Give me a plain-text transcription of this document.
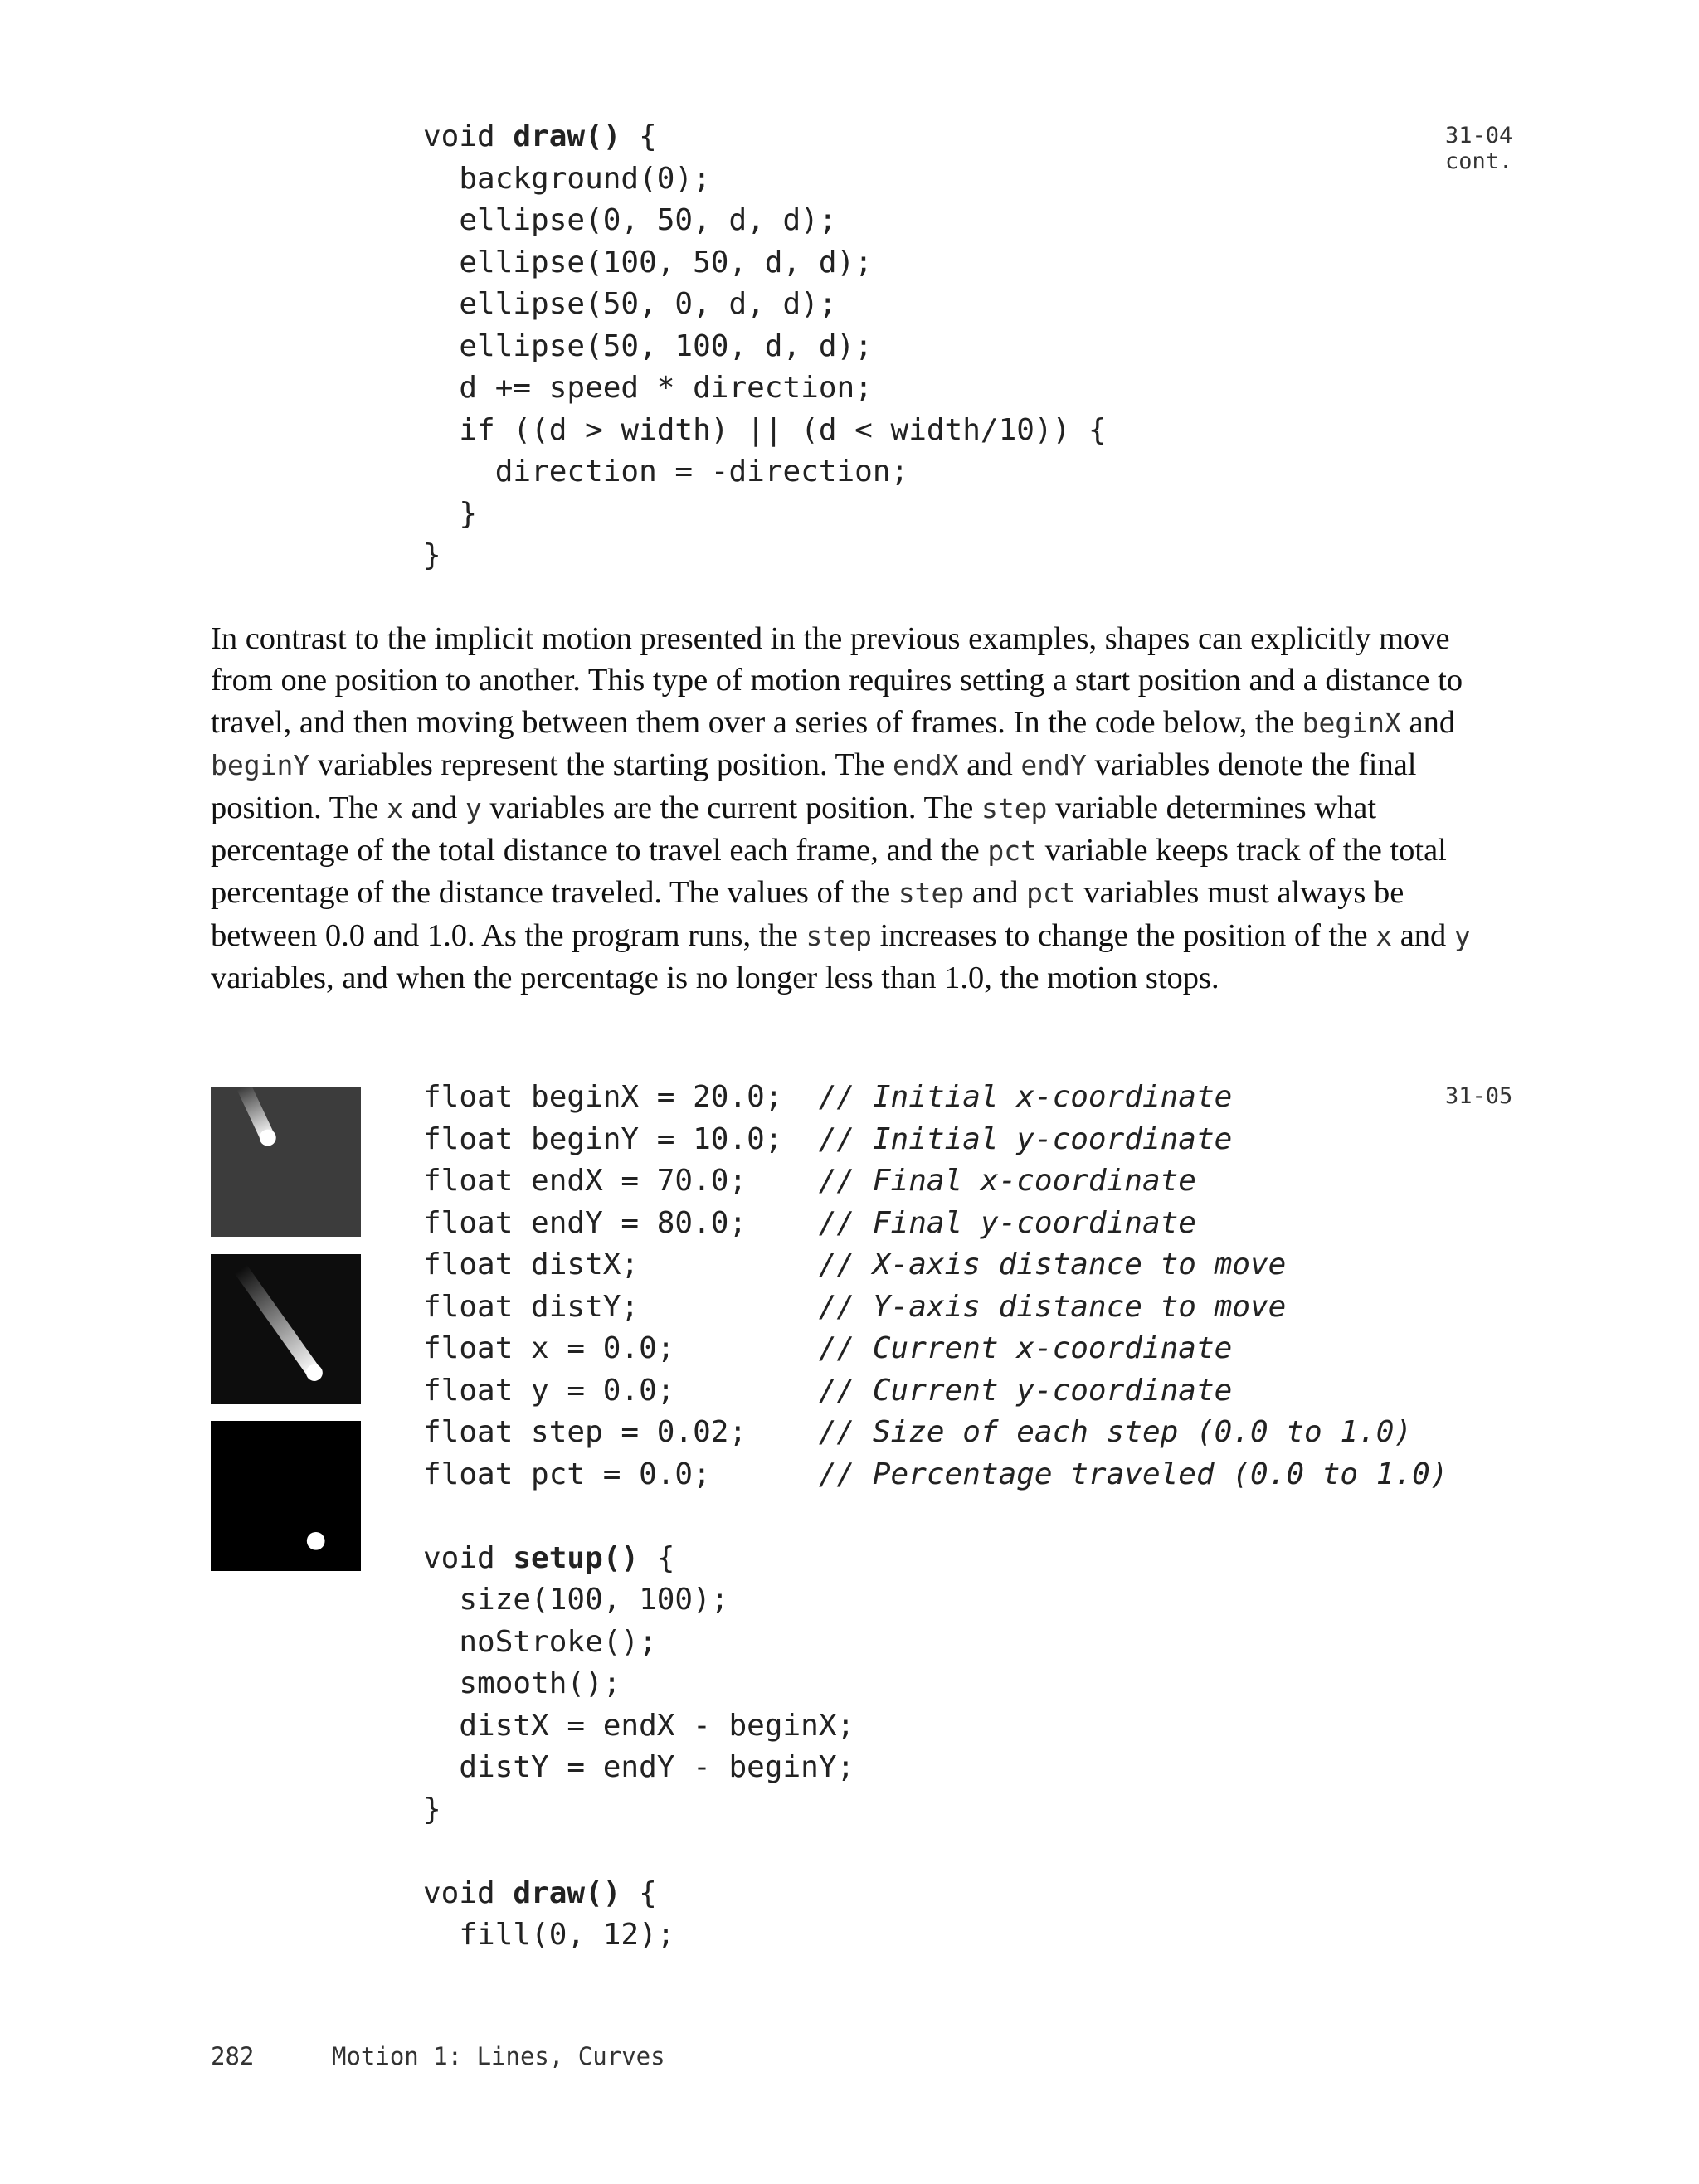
void draw() {
background(0);
ellipse(0, 50, d, d);
ellipse(100, 50, d, d);
ellipse(50, 0, d, d);
ellipse(50, 100, d, d);
d += speed * direction;
if ((d > width) || (d < width/10)) {
direction = -direction;
}
}
31-04
cont.

In contrast to the implicit motion presented in the previous examples, shapes can explicitly move from one position to another. This type of motion requires setting a start position and a distance to travel, and then moving between them over a series of frames. In the code below, the beginX and beginY variables represent the starting position. The endX and endY variables denote the final position. The x and y variables are the current position. The step variable determines what percentage of the total distance to travel each frame, and the pct variable keeps track of the total percentage of the distance traveled. The values of the step and pct variables must always be between 0.0 and 1.0. As the program runs, the step increases to change the position of the x and y variables, and when the percentage is no longer less than 1.0, the motion stops.

float beginX = 20.0;  // Initial x-coordinate
float beginY = 10.0;  // Initial y-coordinate
float endX = 70.0;    // Final x-coordinate
float endY = 80.0;    // Final y-coordinate
float distX;          // X-axis distance to move
float distY;          // Y-axis distance to move
float x = 0.0;        // Current x-coordinate
float y = 0.0;        // Current y-coordinate
float step = 0.02;    // Size of each step (0.0 to 1.0)
float pct = 0.0;      // Percentage traveled (0.0 to 1.0)
void setup() {
size(100, 100);
noStroke();
smooth();
distX = endX - beginX;
distY = endY - beginY;
}
void draw() {
fill(0, 12);
31-05
282	Motion 1: Lines, Curves
